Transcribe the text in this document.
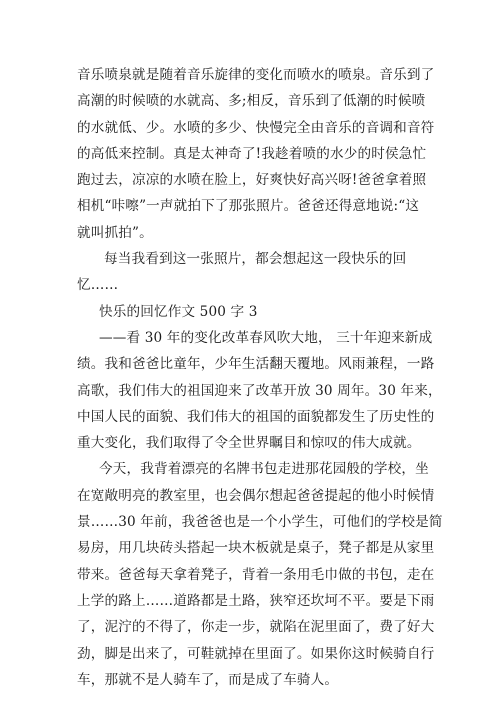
音乐喷泉就是随着音乐旋律的变化而喷水的喷泉。音乐到了
高潮的时候喷的水就高、多;相反，音乐到了低潮的时候喷
的水就低、少。水喷的多少、快慢完全由音乐的音调和音符
的高低来控制。真是太神奇了!我趁着喷的水少的时侯急忙
跑过去，凉凉的水喷在脸上，好爽快好高兴呀!爸爸拿着照
相机“咔嚓”一声就拍下了那张照片。爸爸还得意地说:“这
就叫抓拍”。
每当我看到这一张照片，都会想起这一段快乐的回
忆……
快乐的回忆作文 500 字 3
——看 30 年的变化改革春风吹大地， 三十年迎来新成
绩。我和爸爸比童年，少年生活翻天覆地。风雨兼程，一路
高歌，我们伟大的祖国迎来了改革开放 30 周年。30 年来，
中国人民的面貌、我们伟大的祖国的面貌都发生了历史性的
重大变化，我们取得了令全世界瞩目和惊叹的伟大成就。
今天，我背着漂亮的名牌书包走进那花园般的学校，坐
在宽敞明亮的教室里，也会偶尔想起爸爸提起的他小时候情
景……30 年前，我爸爸也是一个小学生，可他们的学校是简
易房，用几块砖头搭起一块木板就是桌子，凳子都是从家里
带来。爸爸每天拿着凳子，背着一条用毛巾做的书包，走在
上学的路上……道路都是土路，狭窄还坎坷不平。要是下雨
了，泥泞的不得了，你走一步，就陷在泥里面了，费了好大
劲，脚是出来了，可鞋就掉在里面了。如果你这时候骑自行
车，那就不是人骑车了，而是成了车骑人。
